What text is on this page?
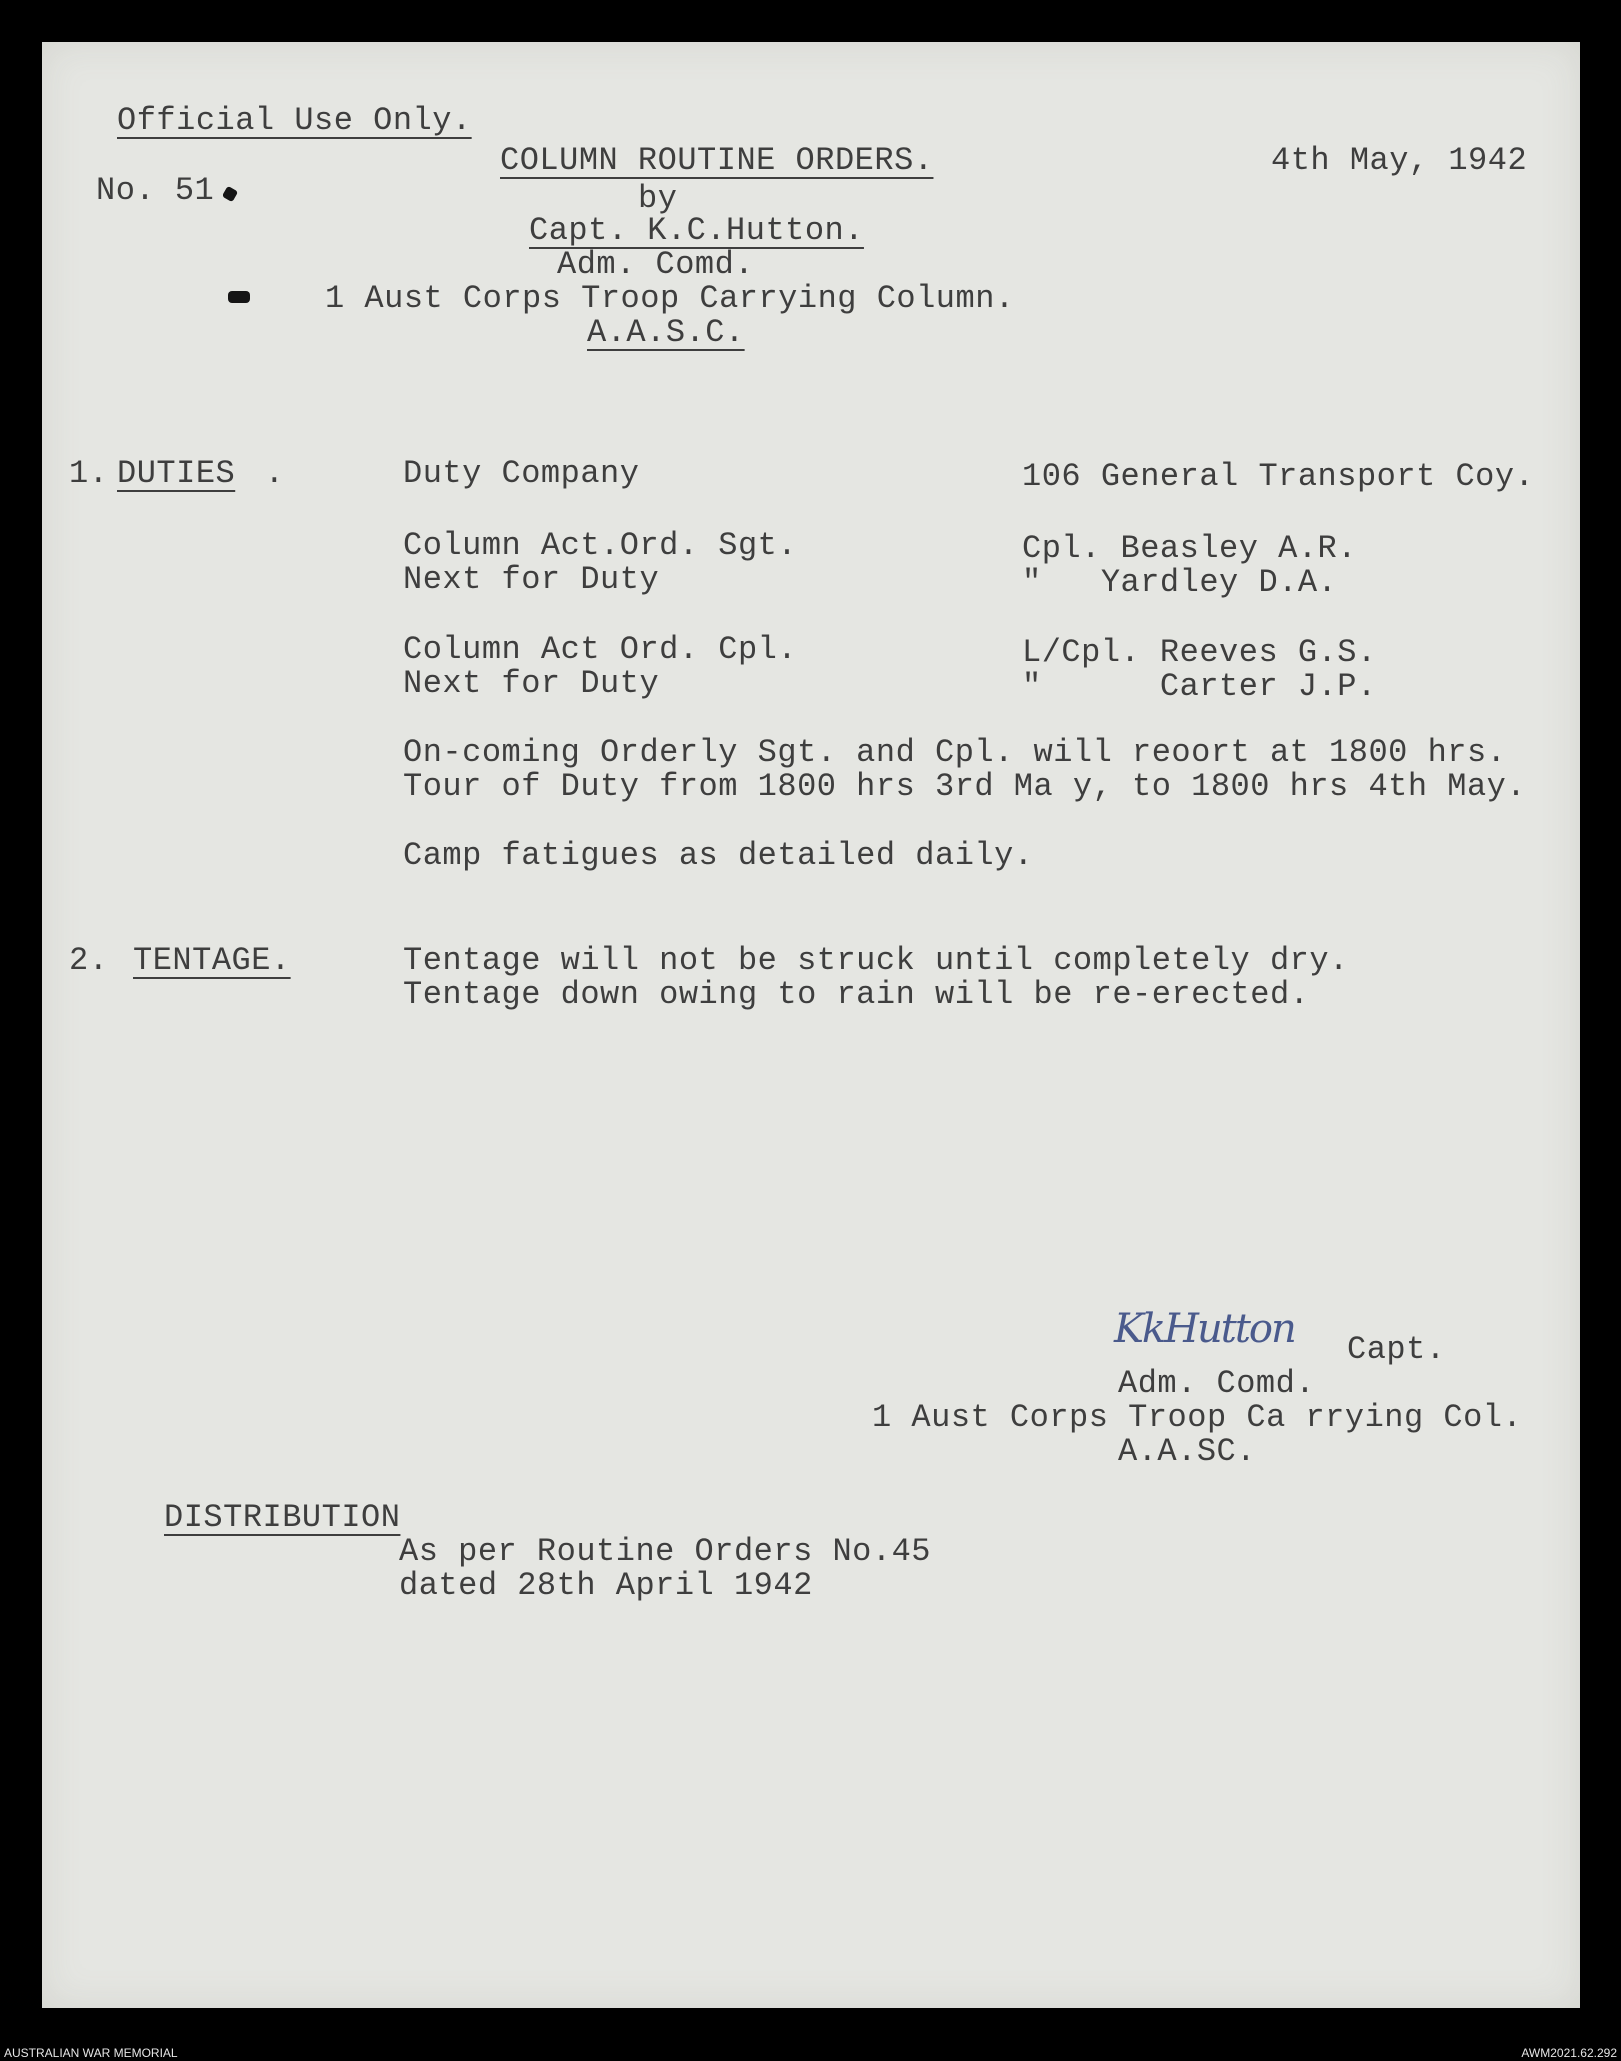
Official Use Only.
No. 51
COLUMN ROUTINE ORDERS.	4th May, 1942
by
Capt. K.C.Hutton.
Adm. Comd.
1 Aust Corps Troop Carrying Column.
A.A.S.C.
1. DUTIES .	Duty Company	106 General Transport Coy.
Column Act.Ord. Sgt.	Cpl. Beasley A.R.
Next for Duty	"   Yardley D.A.
Column Act Ord. Cpl.	L/Cpl. Reeves G.S.
Next for Duty	"      Carter J.P.
On-coming Orderly Sgt. and Cpl. will reoort at 1800 hrs.
Tour of Duty from 1800 hrs 3rd Ma y, to 1800 hrs 4th May.
Camp fatigues as detailed daily.
2. TENTAGE.	Tentage will not be struck until completely dry.
Tentage down owing to rain will be re-erected.
KkHutton Capt.
Adm. Comd.
1 Aust Corps Troop Ca rrying Col.
A.A.SC.
DISTRIBUTION
As per Routine Orders No.45
dated 28th April 1942
AUSTRALIAN WAR MEMORIAL	AWM2021.62.292
